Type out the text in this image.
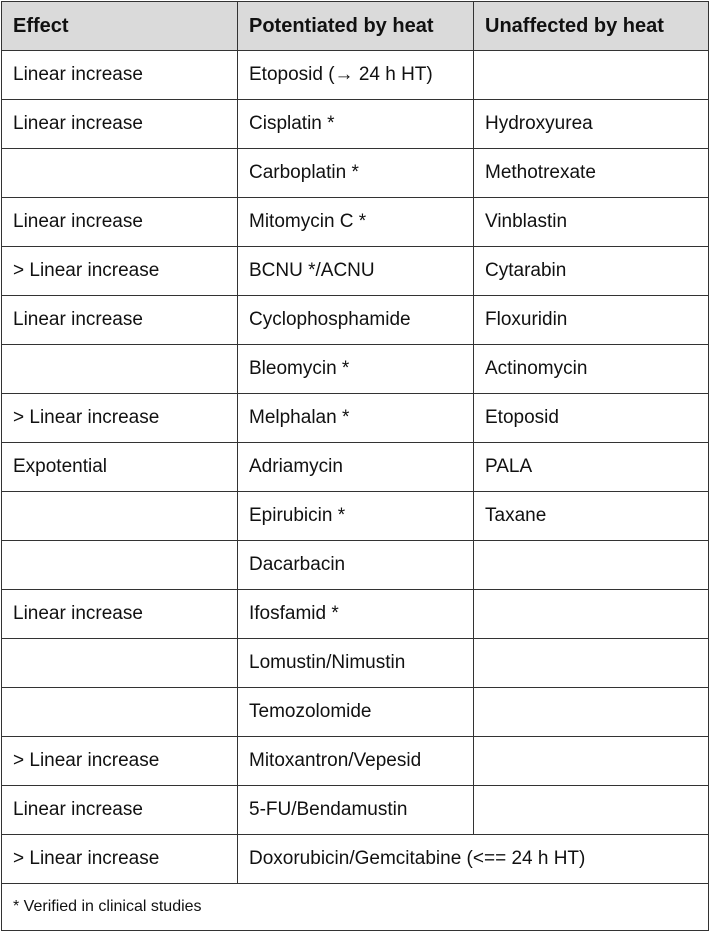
Effect	Potentiated by heat	Unaffected by heat
Linear increase	Etoposid (→ 24 h HT)	
Linear increase	Cisplatin *	Hydroxyurea
	Carboplatin *	Methotrexate
Linear increase	Mitomycin C *	Vinblastin
> Linear increase	BCNU */ACNU	Cytarabin
Linear increase	Cyclophosphamide	Floxuridin
	Bleomycin *	Actinomycin
> Linear increase	Melphalan *	Etoposid
Expotential	Adriamycin	PALA
	Epirubicin *	Taxane
	Dacarbacin	
Linear increase	Ifosfamid *	
	Lomustin/Nimustin	
	Temozolomide	
> Linear increase	Mitoxantron/Vepesid	
Linear increase	5-FU/Bendamustin	
> Linear increase	Doxorubicin/Gemcitabine (<== 24 h HT)	
* Verified in clinical studies		
